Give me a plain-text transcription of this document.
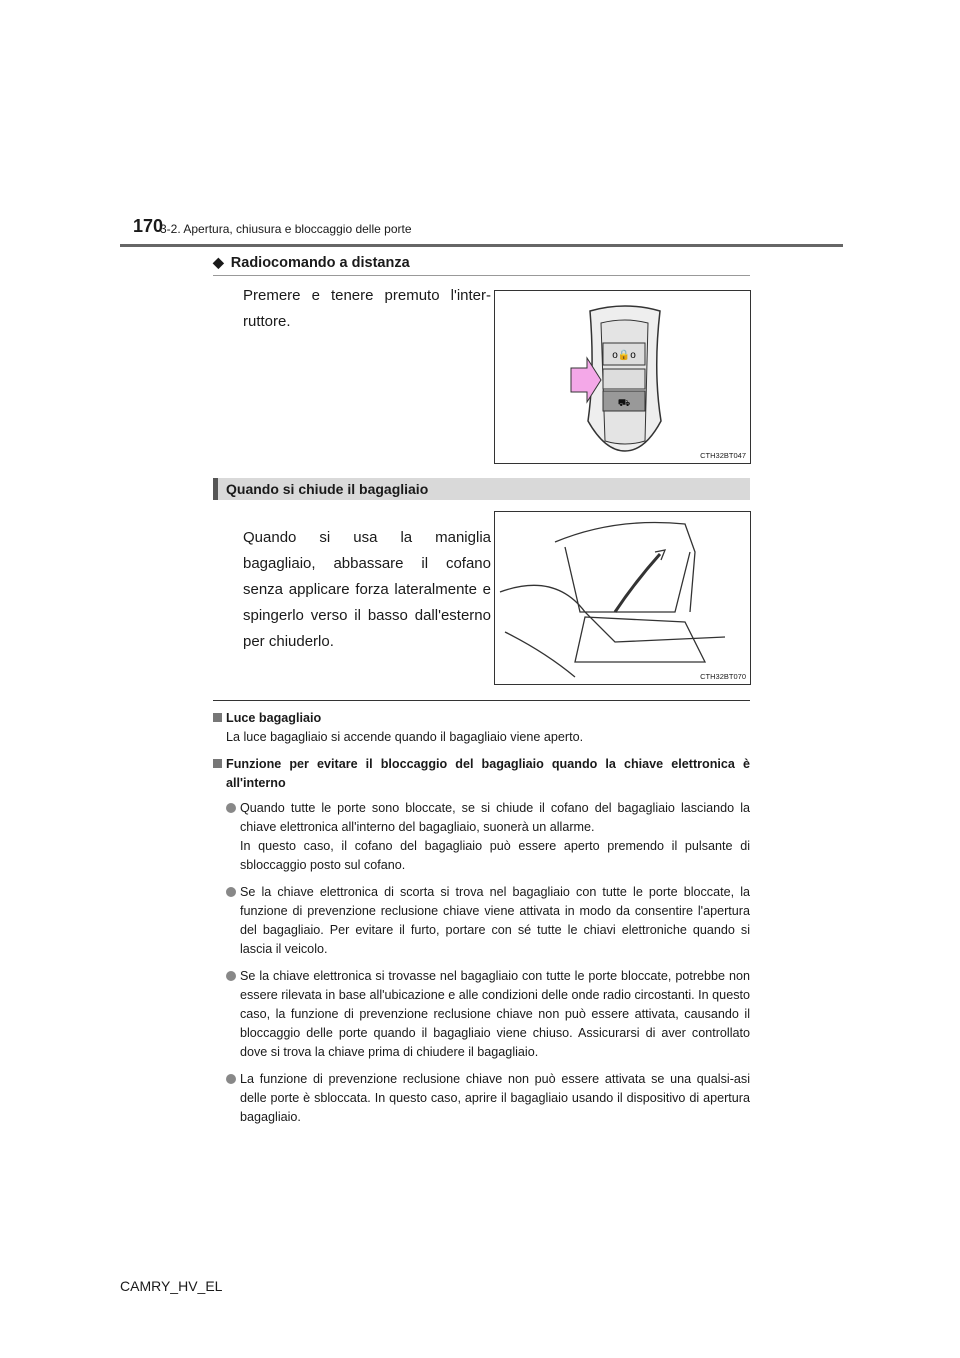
170
3-2. Apertura, chiusura e bloccaggio delle porte
◆ Radiocomando a distanza
Premere e tenere premuto l'inter-ruttore.
o🔒o
⛟
CTH32BT047
Quando si chiude il bagagliaio
Quando si usa la maniglia bagagliaio, abbassare il cofano senza applicare forza lateralmente e spingerlo verso il basso dall'esterno per chiuderlo.
CTH32BT070
Luce bagagliaio
La luce bagagliaio si accende quando il bagagliaio viene aperto.
Funzione per evitare il bloccaggio del bagagliaio quando la chiave elettronica è all'interno

Quando tutte le porte sono bloccate, se si chiude il cofano del bagagliaio lasciando la chiave elettronica all'interno del bagagliaio, suonerà un allarme.

In questo caso, il cofano del bagagliaio può essere aperto premendo il pulsante di sbloccaggio posto sul cofano.

Se la chiave elettronica di scorta si trova nel bagagliaio con tutte le porte bloccate, la funzione di prevenzione reclusione chiave viene attivata in modo da consentire l'apertura del bagagliaio. Per evitare il furto, portare con sé tutte le chiavi elettroniche quando si lascia il veicolo.

Se la chiave elettronica si trovasse nel bagagliaio con tutte le porte bloccate, potrebbe non essere rilevata in base all'ubicazione e alle condizioni delle onde radio circostanti. In questo caso, la funzione di prevenzione reclusione chiave non può essere attivata, causando il bloccaggio delle porte quando il bagagliaio viene chiuso. Assicurarsi di aver controllato dove si trova la chiave prima di chiudere il bagagliaio.

La funzione di prevenzione reclusione chiave non può essere attivata se una qualsi-asi delle porte è sbloccata. In questo caso, aprire il bagagliaio usando il dispositivo di apertura bagagliaio.

CAMRY_HV_EL
